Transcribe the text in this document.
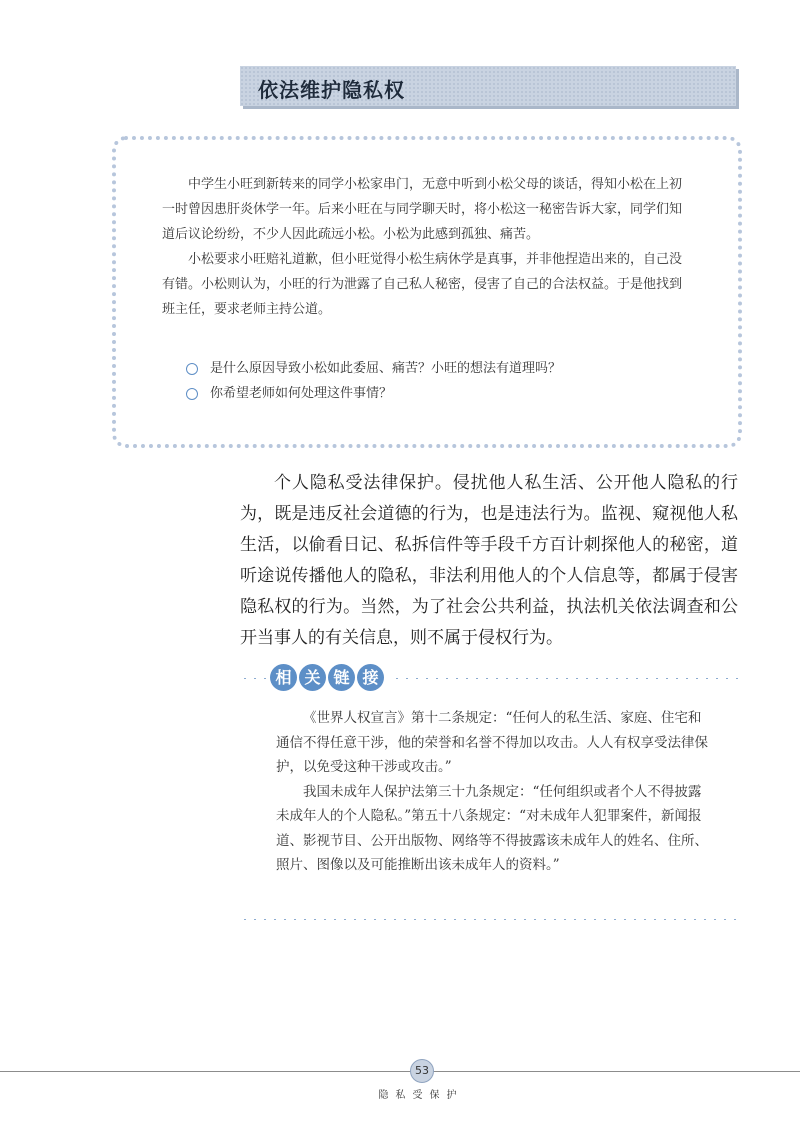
依法维护隐私权

中学生小旺到新转来的同学小松家串门，无意中听到小松父母的谈话，得知小松在上初一时曾因患肝炎休学一年。后来小旺在与同学聊天时，将小松这一秘密告诉大家，同学们知道后议论纷纷，不少人因此疏远小松。小松为此感到孤独、痛苦。

小松要求小旺赔礼道歉，但小旺觉得小松生病休学是真事，并非他捏造出来的，自己没有错。小松则认为，小旺的行为泄露了自己私人秘密，侵害了自己的合法权益。于是他找到班主任，要求老师主持公道。

是什么原因导致小松如此委屈、痛苦？小旺的想法有道理吗？
你希望老师如何处理这件事情？

个人隐私受法律保护。侵扰他人私生活、公开他人隐私的行为，既是违反社会道德的行为，也是违法行为。监视、窥视他人私生活，以偷看日记、私拆信件等手段千方百计刺探他人的秘密，道听途说传播他人的隐私，非法利用他人的个人信息等，都属于侵害隐私权的行为。当然，为了社会公共利益，执法机关依法调查和公开当事人的有关信息，则不属于侵权行为。

相 关 链 接

《世界人权宣言》第十二条规定：“任何人的私生活、家庭、住宅和通信不得任意干涉，他的荣誉和名誉不得加以攻击。人人有权享受法律保护，以免受这种干涉或攻击。”

我国未成年人保护法第三十九条规定：“任何组织或者个人不得披露未成年人的个人隐私。”第五十八条规定：“对未成年人犯罪案件，新闻报道、影视节目、公开出版物、网络等不得披露该未成年人的姓名、住所、照片、图像以及可能推断出该未成年人的资料。”

53
隐私受保护
